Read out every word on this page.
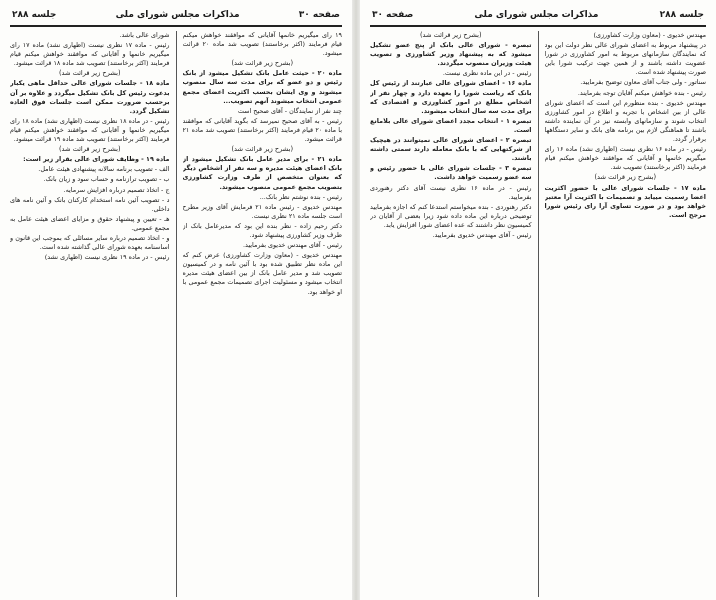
صفحه ۳۰
مذاکرات مجلس شورای ملی
جلسه ۲۸۸

۱۹ رای میگیریم خانمها آقایانی که موافقند خواهش میکنم قیام فرمایند (اکثر برخاستند) تصویب شد ماده ۲۰ قرائت میشود.

(بشرح زیر قرائت شد)

ماده ۲۰ - حیثت عامل بانک تشکیل میشود از بانک رئیس و دو عضو که برای مدت سه سال منصوب میشوند و وی ایشان بحسب اکثریت اعضای مجمع عمومی انتخاب میشوند آنهم تصویب...

چند نفر از نمایندگان - آقای صحیح است

رئیس - به آقای صحیح نمیرسد که بگوید آقایانی که موافقند با ماده ۲۰ قیام فرمایند (اکثر برخاستند) تصویب شد ماده ۲۱ قرائت میشود.

(بشرح زیر قرائت شد)

ماده ۲۱ - برای مدیر عامل بانک تشکیل میشود از بانک اعضای هیئت مدیره و سه نفر از اشخاص دیگر که بعنوان متخصص از طرف وزارت کشاورزی بتصویب مجمع عمومی منصوب میشوند.

رئیس - بنده نوشتم نظر بانک...

مهندس خدیوی - رئیس ماده ۲۱ فرمایش آقای وزیر مطرح است جلسه ماده ۲۱ نظری نیست.

دکتر رحیم زاده - نظر بنده این بود که مدیرعامل بانک از طرف وزیر کشاورزی پیشنهاد شود.

رئیس - آقای مهندس خدیوی بفرمایید.

مهندس خدیوی - (معاون وزارت کشاورزی) عرض کنم که این ماده نظر تطبیق شده بود با آئین نامه و در کمیسیون تصویب شد و مدیر عامل بانک از بین اعضای هیئت مدیره انتخاب میشود و مسئولیت اجرای تصمیمات مجمع عمومی با او خواهد بود.

شورای عالی باشد.

رئیس - ماده ۱۷ نظری نیست (اظهاری نشد) ماده ۱۷ رای میگیریم خانمها و آقایانی که موافقند خواهش میکنم قیام فرمایند (اکثر برخاستند) تصویب شد ماده ۱۸ قرائت میشود.

(بشرح زیر قرائت شد)

ماده ۱۸ - جلسات شورای عالی حداقل ماهی یکبار بدعوت رئیس کل بانک تشکیل میگردد و علاوه بر آن برحسب ضرورت ممکن است جلسات فوق العاده تشکیل گردد.

رئیس - در ماده ۱۸ نظری نیست (اظهاری نشد) ماده ۱۸ رای میگیریم خانمها و آقایانی که موافقند خواهش میکنم قیام فرمایند (اکثر برخاستند) تصویب شد ماده ۱۹ قرائت میشود.

(بشرح زیر قرائت شد)

ماده ۱۹ - وظایف شورای عالی بقرار زیر است:

الف - تصویب برنامه سالانه پیشنهادی هیئت عامل.

ب - تصویب ترازنامه و حساب سود و زیان بانک.

ج - اتخاذ تصمیم درباره افزایش سرمایه.

د - تصویب آئین نامه استخدام کارکنان بانک و آئین نامه های داخلی.

هـ - تعیین و پیشنهاد حقوق و مزایای اعضای هیئت عامل به مجمع عمومی.

و - اتخاذ تصمیم درباره سایر مسائلی که بموجب این قانون و اساسنامه بعهده شورای عالی گذاشته شده است.

رئیس - در ماده ۱۹ نظری نیست (اظهاری نشد)

جلسه ۲۸۸
مذاکرات مجلس شورای ملی
صفحه ۳۰

مهندس خدیوی - (معاون وزارت کشاورزی)

در پیشنهاد مربوط به اعضای شورای عالی نظر دولت این بود که نمایندگان سازمانهای مربوط به امور کشاورزی در شورا عضویت داشته باشند و از همین جهت ترکیب شورا باین صورت پیشنهاد شده است.

سناتور - ولی جناب آقای معاون توضیح بفرمایید.

رئیس - بنده خواهش میکنم آقایان توجه بفرمایند.

مهندس خدیوی - بنده منظورم این است که اعضای شورای عالی از بین اشخاص با تجربه و اطلاع در امور کشاورزی انتخاب شوند و سازمانهای وابسته نیز در آن نماینده داشته باشند تا هماهنگی لازم بین برنامه های بانک و سایر دستگاهها برقرار گردد.

رئیس - در ماده ۱۶ نظری نیست (اظهاری نشد) ماده ۱۶ رای میگیریم خانمها و آقایانی که موافقند خواهش میکنم قیام فرمایند (اکثر برخاستند) تصویب شد.

(بشرح زیر قرائت شد)

ماده ۱۷ - جلسات شورای عالی با حضور اکثریت اعضا رسمیت مییابد و تصمیمات با اکثریت آرا معتبر خواهد بود و در صورت تساوی آرا رای رئیس شورا مرجح است.

(بشرح زیر قرائت شد)

تبصره - شورای عالی بانک از پنج عضو تشکیل میشود که به پیشنهاد وزیر کشاورزی و تصویب هیئت وزیران منصوب میگردند.

رئیس - در این ماده نظری نیست.

ماده ۱۶ - اعضای شورای عالی عبارتند از رئیس کل بانک که ریاست شورا را بعهده دارد و چهار نفر از اشخاص مطلع در امور کشاورزی و اقتصادی که برای مدت سه سال انتخاب میشوند.

تبصره ۱ - انتخاب مجدد اعضای شورای عالی بلامانع است.

تبصره ۲ - اعضای شورای عالی نمیتوانند در هیچیک از شرکتهایی که با بانک معامله دارند سمتی داشته باشند.

تبصره ۳ - جلسات شورای عالی با حضور رئیس و سه عضو رسمیت خواهد داشت.

رئیس - در ماده ۱۶ نظری نیست آقای دکتر رهنوردی بفرمایید.

دکتر رهنوردی - بنده میخواستم استدعا کنم که اجازه بفرمایید توضیحی درباره این ماده داده شود زیرا بعضی از آقایان در کمیسیون نظر داشتند که عده اعضای شورا افزایش یابد.

رئیس - آقای مهندس خدیوی بفرمایید.
